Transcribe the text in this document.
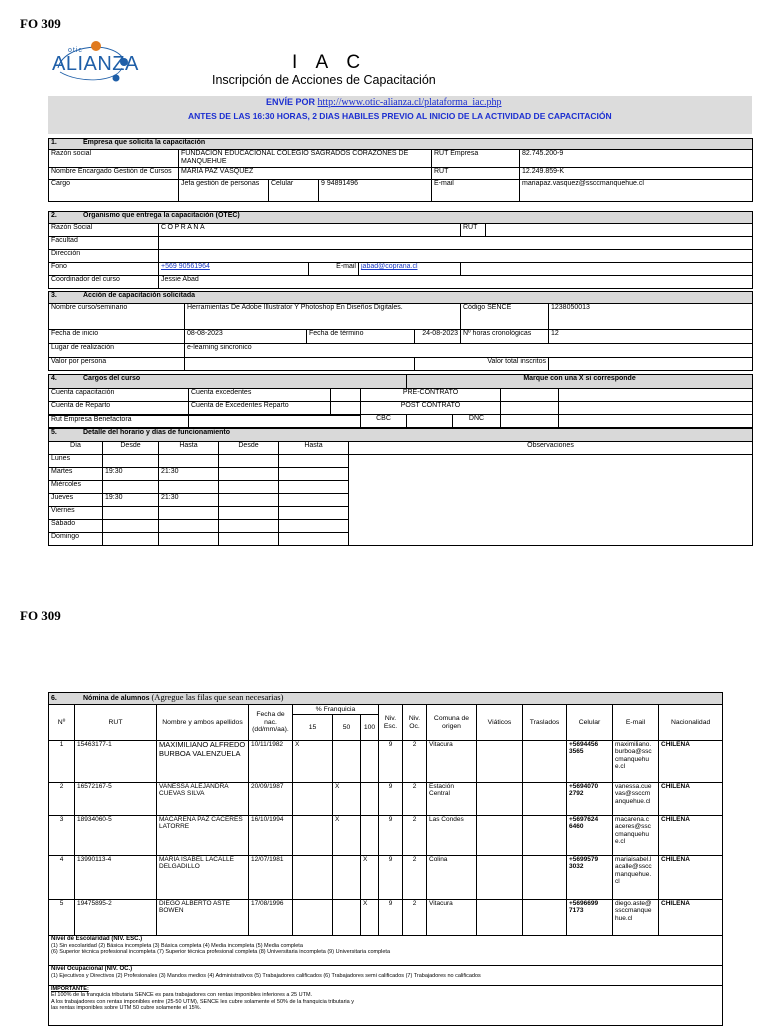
FO 309
otic
ALIANZA	I A C
Inscripción de Acciones de Capacitación
ENVÍE POR http://www.otic-alianza.cl/plataforma_iac.php
ANTES DE LAS 16:30 HORAS, 2 DIAS HABILES PREVIO AL INICIO DE LA ACTIVIDAD DE CAPACITACIÓN
1. Empresa que solicita la capacitación					
Razón social	FUNDACIÓN EDUCACIONAL COLEGIO SAGRADOS CORAZONES DE MANQUEHUE			RUT Empresa	82.745.200-9
Nombre Encargado Gestión de Cursos	MARÍA PAZ VÁSQUEZ			RUT	12.249.859-K
Cargo	Jefa gestión de personas	Celular	9 94891496	E-mail	mariapaz.vasquez@ssccmanquehue.cl
2. Organismo que entrega la capacitación (OTEC)					
Razón Social	COPRANA			RUT	
Facultad					
Dirección					
Fono	+569 90561964	E-mail	jabad@coprana.cl		
Coordinador del curso	Jessie Abad				
3. Acción de capacitación solicitada					
Nombre curso/seminario	Herramientas De Adobe Illustrator Y Photoshop En Diseños Digitales.			Código SENCE	1238050013
Fecha de inicio	08-08-2023	Fecha de término	24-08-2023	Nº horas cronológicas	12
Lugar de realización	e-learning sincronico				
Valor por persona			Valor total inscritos		
4. Cargos del curso				Marque con una X si corresponde			
Cuenta capacitación	Cuenta excedentes		PRE-CONTRATO				
Cuenta de Reparto	Cuenta de Excedentes Reparto		POST CONTRATO				
Rut Empresa Benefactora			CBC		DNC		
5. Detalle del horario y días de funcionamiento					
Día	Desde	Hasta	Desde	Hasta	Observaciones
Lunes					
Martes	19:30	21:30			
Miércoles					
Jueves	19:30	21:30			
Viernes					
Sábado					
Domingo					
FO 309
6. Nómina de alumnos (Agregue las filas que sean necesarias)														
Nº	RUT	Nombre y ambos apellidos	Fecha de nac. (dd/mm/aa).	% Franquicia			Niv. Esc.	Niv. Oc.	Comuna de origen	Viáticos	Traslados	Celular	E-mail	Nacionalidad
				15	50	100								
1	15463177-1	MAXIMILIANO ALFREDO BURBOA VALENZUELA	10/11/1982	X			9	2	Vitacura			+5694456 3565	maximiliano. burboa@ssc cmanquehu e.cl	CHILENA
2	16572167-5	VANESSA ALEJANDRA CUEVAS SILVA	20/09/1987		X		9	2	Estación Central			+5694070 2792	vanessa.cue vas@ssccm anquehue.cl	CHILENA
3	18934060-5	MACARENA PAZ CACERES LATORRE	16/10/1994		X		9	2	Las Condes			+5697624 6460	macarena.c aceres@ssc cmanquehu e.cl	CHILENA
4	13990113-4	MARIA ISABEL LACALLE DELGADILLO	12/07/1981			X	9	2	Colina			+5699579 3032	mariaisabel.l acalle@sscc manquehue. cl	CHILENA
5	19475895-2	DIEGO ALBERTO ASTE BOWEN	17/08/1996			X	9	2	Vitacura			+5696699 7173	diego.aste@ ssccmanque hue.cl	CHILENA

Nivel de Escolaridad (NIV. ESC.)
(1) Sin escolaridad (2) Básica incompleta (3) Básica completa (4) Media incompleta (5) Media completa
(6) Superior técnica profesional incompleta (7) Superior técnica profesional completa (8) Universitaria incompleta (9) Universitaria completa														

Nivel Ocupacional (NIV. OC.)
(1) Ejecutivos y Directivos (2) Profesionales (3) Mandos medios (4) Administrativos (5) Trabajadores calificados (6) Trabajadores semi calificados (7) Trabajadores no calificados														

IMPORTANTE:
El 100% de la franquicia tributaria SENCE es para trabajadores con rentas imponibles inferiores a 25 UTM.
A los trabajadores con rentas imponibles entre (25-50 UTM), SENCE les cubre solamente el 50% de la franquicia tributaria y
las rentas imponibles sobre UTM 50 cubre solamente el 15%.														
